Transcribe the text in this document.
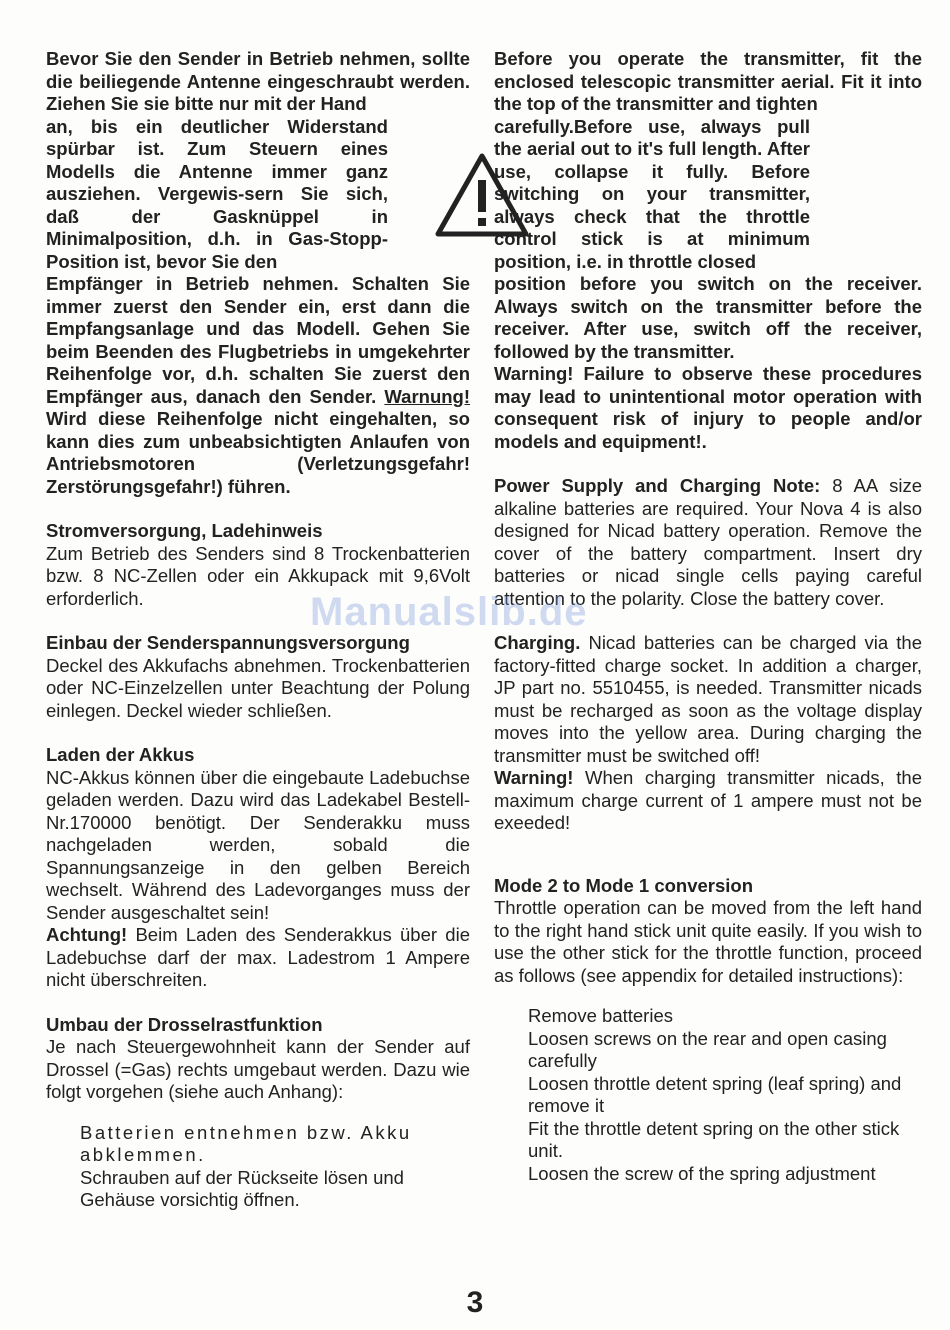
Bevor Sie den Sender in Betrieb nehmen, sollte die beiliegende Antenne eingeschraubt werden. Ziehen Sie sie bitte nur mit der Hand

an, bis ein deutlicher Widerstand spürbar ist. Zum Steuern eines Modells die Antenne immer ganz ausziehen. Vergewis-sern Sie sich, daß der Gasknüppel in Minimalposition, d.h. in Gas-Stopp-Position ist, bevor Sie den

Empfänger in Betrieb nehmen. Schalten Sie immer zuerst den Sender ein, erst dann die Empfangsanlage und das Modell. Gehen Sie beim Beenden des Flugbetriebs in umgekehrter Reihenfolge vor, d.h. schalten Sie zuerst den Empfänger aus, danach den Sender. Warnung! Wird diese Reihenfolge nicht eingehalten, so kann dies zum unbeabsichtigten Anlaufen von Antriebsmotoren (Verletzungsgefahr! Zerstörungsgefahr!) führen.

Stromversorgung, Ladehinweis

Zum Betrieb des Senders sind 8 Trockenbatterien bzw. 8 NC-Zellen oder ein Akkupack mit 9,6Volt erforderlich.

Einbau der Senderspannungsversorgung

Deckel des Akkufachs abnehmen. Trockenbatterien oder NC-Einzelzellen unter Beachtung der Polung einlegen. Deckel wieder schließen.

Laden der Akkus

NC-Akkus können über die eingebaute Ladebuchse geladen werden. Dazu wird das Ladekabel Bestell-Nr.170000 benötigt. Der Senderakku muss nachgeladen werden, sobald die Spannungsanzeige in den gelben Bereich wechselt. Während des Ladevorganges muss der Sender ausgeschaltet sein!

Achtung! Beim Laden des Senderakkus über die Ladebuchse darf der max. Ladestrom 1 Ampere nicht überschreiten.

Umbau der Drosselrastfunktion

Je nach Steuergewohnheit kann der Sender auf Drossel (=Gas) rechts umgebaut werden. Dazu wie folgt vorgehen (siehe auch Anhang):

Batterien entnehmen bzw. Akku abklemmen.

Schrauben auf der Rückseite lösen und Gehäuse vorsichtig öffnen.

Before you operate the transmitter, fit the enclosed telescopic transmitter aerial. Fit it into the top of the transmitter and tighten

carefully.Before use, always pull the aerial out to it's full length. After use, collapse it fully. Before switching on your transmitter, always check that the throttle control stick is at minimum position, i.e. in throttle closed

position before you switch on the receiver. Always switch on the transmitter before the receiver. After use, switch off the receiver, followed by the transmitter.

Warning! Failure to observe these procedures may lead to unintentional motor operation with consequent risk of injury to people and/or models and equipment!.

Power Supply and Charging Note: 8 AA size alkaline batteries are required. Your Nova 4 is also designed for Nicad battery operation. Remove the cover of the battery compartment. Insert dry batteries or nicad single cells paying careful attention to the polarity. Close the battery cover.

Charging. Nicad batteries can be charged via the factory-fitted charge socket. In addition a charger, JP part no. 5510455, is needed. Transmitter nicads must be recharged as soon as the voltage display moves into the yellow area. During charging the transmitter must be switched off!

Warning! When charging transmitter nicads, the maximum charge current of 1 ampere must not be exeeded!

Mode 2 to Mode 1 conversion

Throttle operation can be moved from the left hand to the right hand stick unit quite easily. If you wish to use the other stick for the throttle function, proceed as follows (see appendix for detailed instructions):

Remove batteries

Loosen screws on the rear and open casing carefully

Loosen throttle detent spring (leaf spring) and remove it

Fit the throttle detent spring on the other stick unit.

Loosen the screw of the spring adjustment

Manualslib.de
3
